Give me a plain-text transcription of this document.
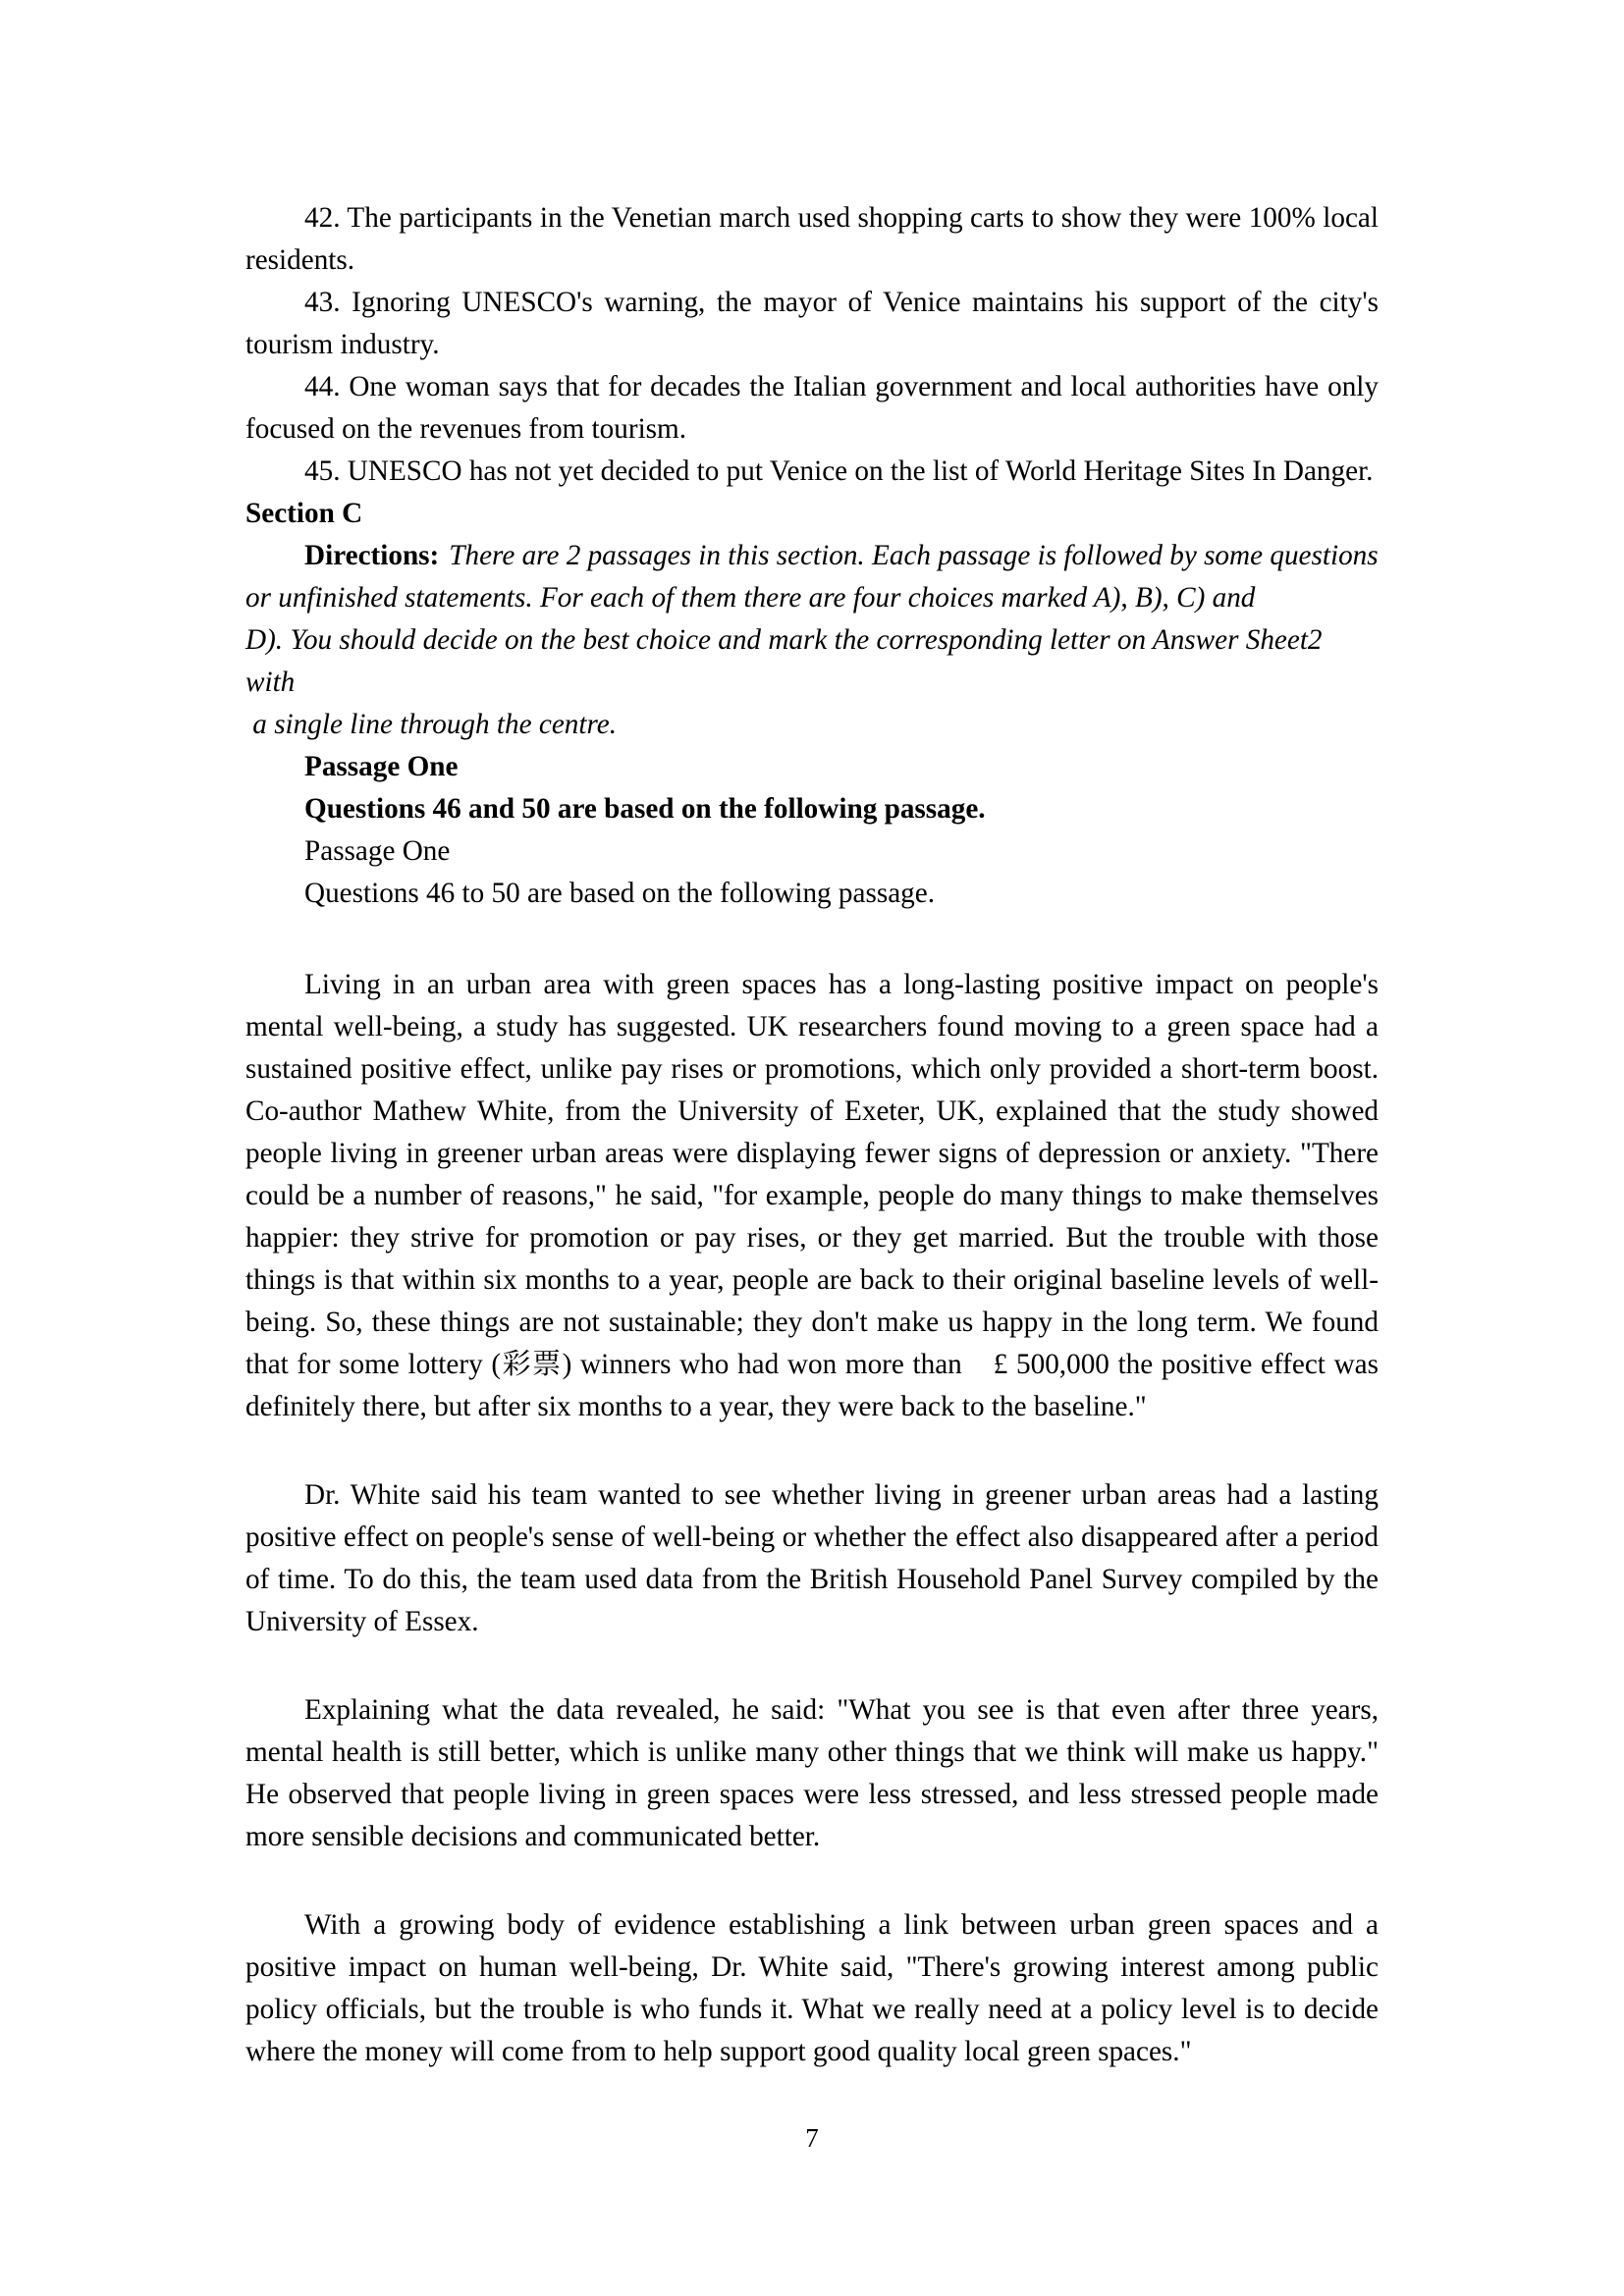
42. The participants in the Venetian march used shopping carts to show they were 100% local residents.

43. Ignoring UNESCO's warning, the mayor of Venice maintains his support of the city's tourism industry.

44. One woman says that for decades the Italian government and local authorities have only focused on the revenues from tourism.

45. UNESCO has not yet decided to put Venice on the list of World Heritage Sites In Danger.

Section C
Directions: There are 2 passages in this section. Each passage is followed by some questions
or unfinished statements. For each of them there are four choices marked A), B), C) and
D). You should decide on the best choice and mark the corresponding letter on Answer Sheet2 with
a single line through the centre.
Passage One
Questions 46 and 50 are based on the following passage.
Passage One
Questions 46 to 50 are based on the following passage.

Living in an urban area with green spaces has a long-lasting positive impact on people's mental well-being, a study has suggested. UK researchers found moving to a green space had a sustained positive effect, unlike pay rises or promotions, which only provided a short-term boost. Co-author Mathew White, from the University of Exeter, UK, explained that the study showed people living in greener urban areas were displaying fewer signs of depression or anxiety. "There could be a number of reasons," he said, "for example, people do many things to make themselves happier: they strive for promotion or pay rises, or they get married. But the trouble with those things is that within six months to a year, people are back to their original baseline levels of well-being. So, these things are not sustainable; they don't make us happy in the long term. We found that for some lottery (彩票) winners who had won more than　£ 500,000 the positive effect was definitely there, but after six months to a year, they were back to the baseline."

Dr. White said his team wanted to see whether living in greener urban areas had a lasting positive effect on people's sense of well-being or whether the effect also disappeared after a period of time. To do this, the team used data from the British Household Panel Survey compiled by the University of Essex.

Explaining what the data revealed, he said: "What you see is that even after three years, mental health is still better, which is unlike many other things that we think will make us happy." He observed that people living in green spaces were less stressed, and less stressed people made more sensible decisions and communicated better.

With a growing body of evidence establishing a link between urban green spaces and a positive impact on human well-being, Dr. White said, "There's growing interest among public policy officials, but the trouble is who funds it. What we really need at a policy level is to decide where the money will come from to help support good quality local green spaces."

7
